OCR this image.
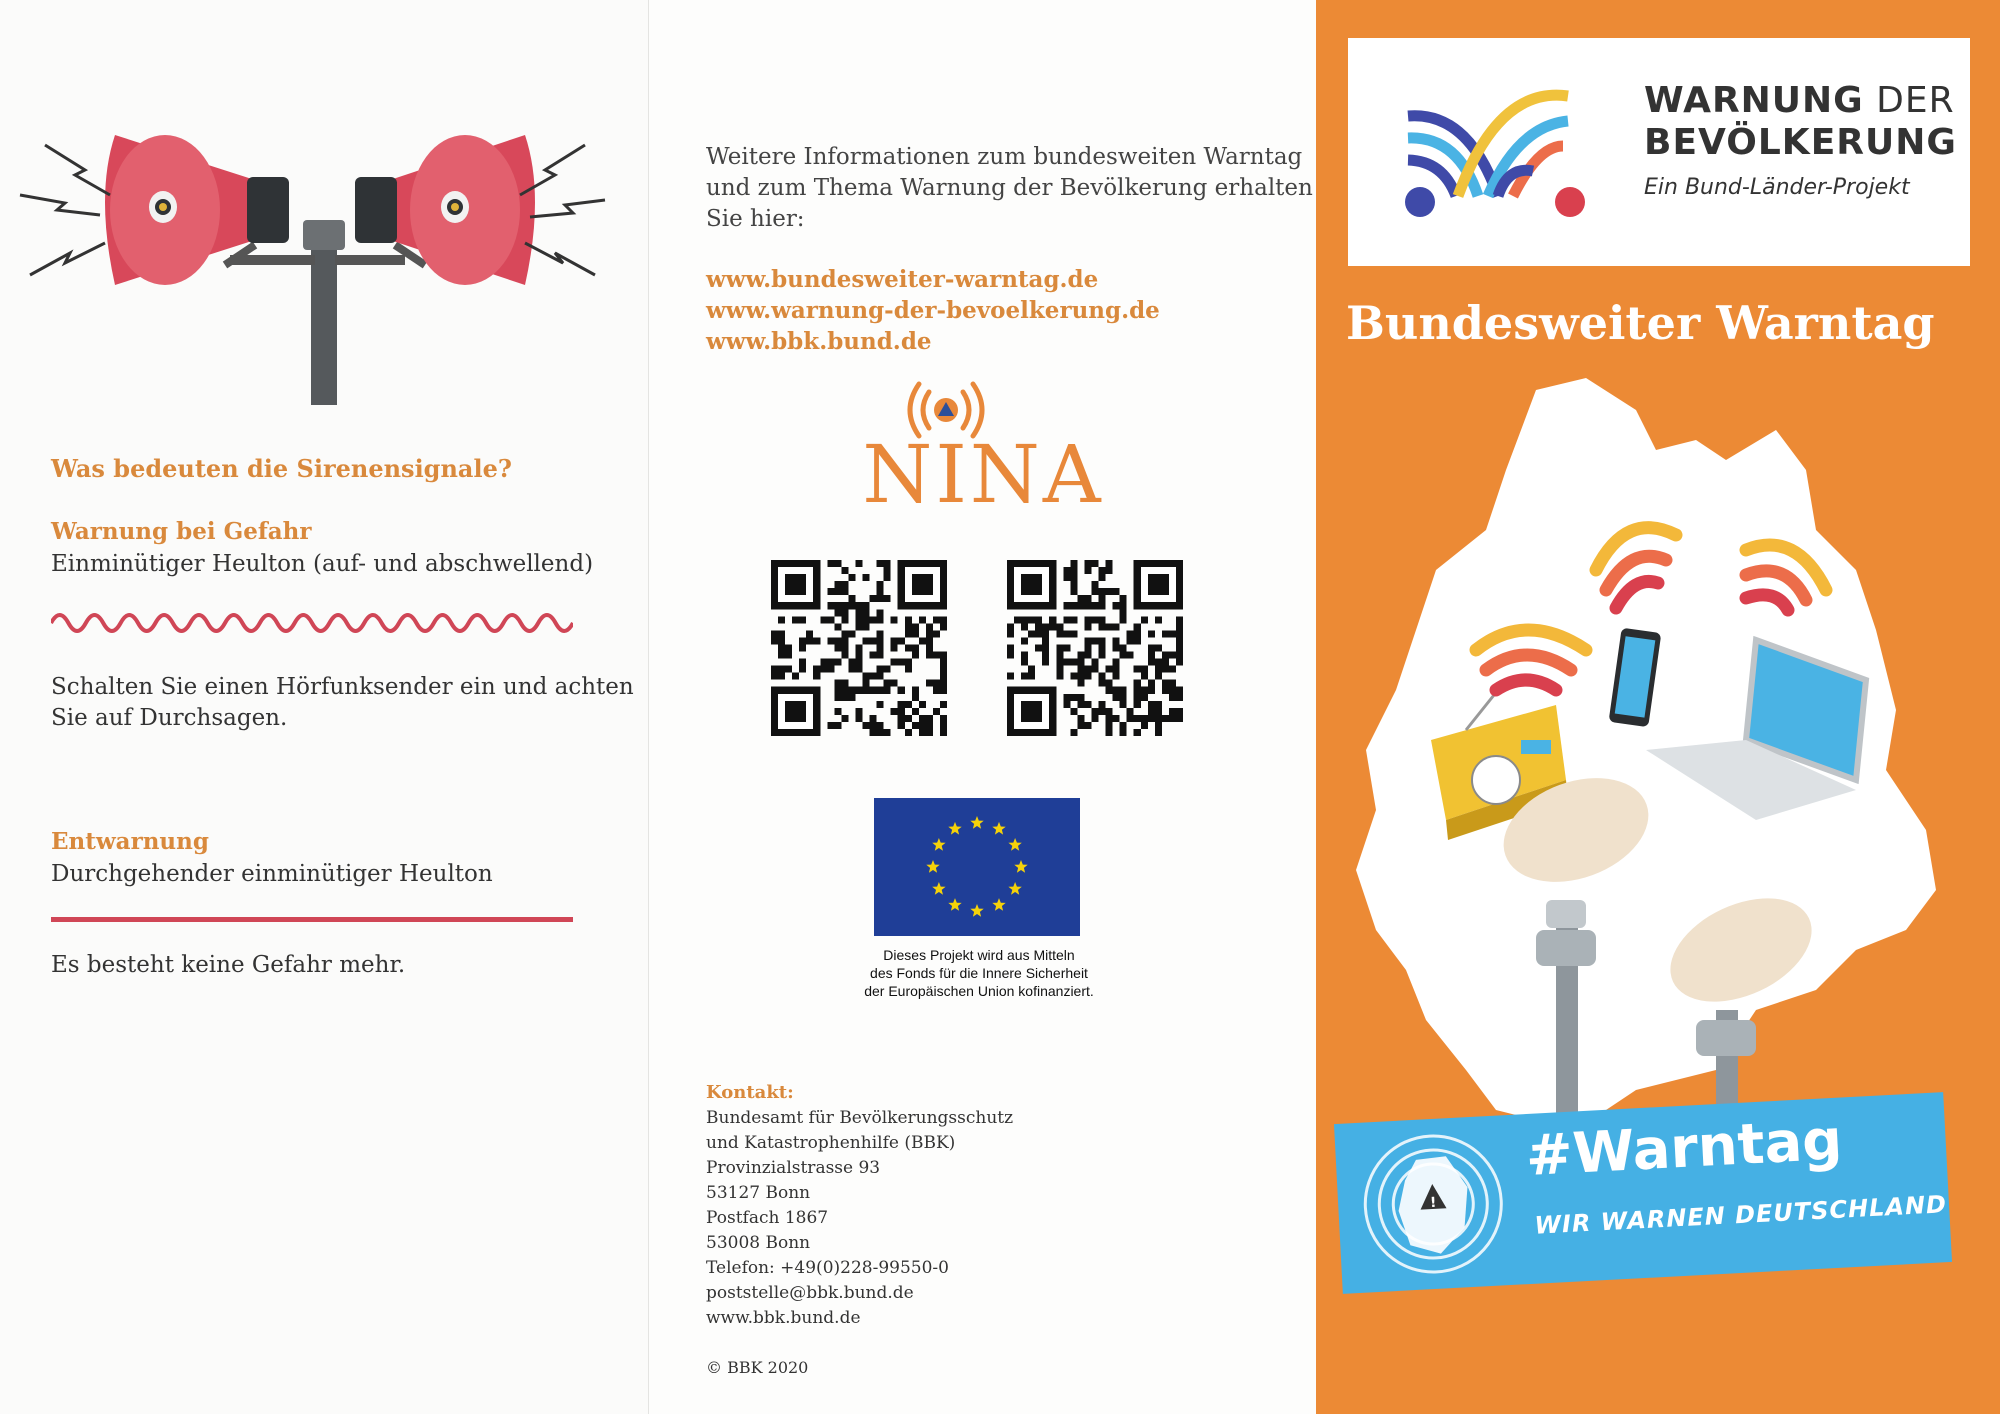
Was bedeuten die Sirenensignale?
Warnung bei Gefahr
Einminütiger Heulton (auf- und abschwellend)
Schalten Sie einen Hörfunksender ein und achten
Sie auf Durchsagen.
Entwarnung
Durchgehender einminütiger Heulton
Es besteht keine Gefahr mehr.
Weitere Informationen zum bundesweiten Warntag
und zum Thema Warnung der Bevölkerung erhalten
Sie hier:
www.bundesweiter-warntag.de
www.warnung-der-bevoelkerung.de
www.bbk.bund.de
NINA
Dieses Projekt wird aus Mitteln
des Fonds für die Innere Sicherheit
der Europäischen Union kofinanziert.
Kontakt:
Bundesamt für Bevölkerungsschutz
und Katastrophenhilfe (BBK)
Provinzialstrasse 93
53127 Bonn
Postfach 1867
53008 Bonn
Telefon: +49(0)228-99550-0
poststelle@bbk.bund.de
www.bbk.bund.de
© BBK 2020
WARNUNG DER
BEVÖLKERUNG
Ein Bund-Länder-Projekt
Bundesweiter Warntag
!
#Warntag
WIR WARNEN DEUTSCHLAND
